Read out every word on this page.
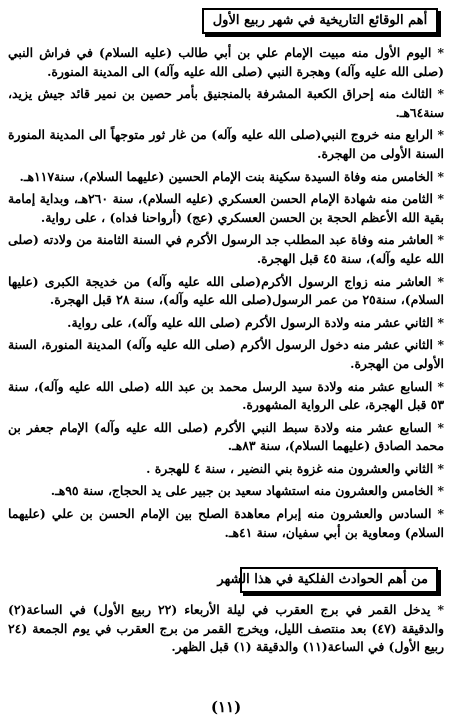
أهم الوقائع التاريخية في شهر ربيع الأول
* اليوم الأول منه مبيت الإمام علي بن أبي طالب (عليه السلام) في فراش النبي (صلى الله عليه وآله) وهجرة النبي (صلى الله عليه وآله) الى المدينة المنورة.
* الثالث منه إحراق الكعبة المشرفة بالمنجنيق بأمر حصين بن نمير قائد جيش يزيد، سنة٦٤هـ.
* الرابع منه خروج النبي(صلى الله عليه وآله) من غار ثور متوجهاً الى المدينة المنورة السنة الأولى من الهجرة.
* الخامس منه وفاة السيدة سكينة بنت الإمام الحسين (عليهما السلام)، سنة١١٧هـ.
* الثامن منه شهادة الإمام الحسن العسكري (عليه السلام)، سنة ٢٦٠هـ، وبداية إمامة بقية الله الأعظم الحجة بن الحسن العسكري (عج) (أرواحنا فداه) ، على رواية.
* العاشر منه وفاة عبد المطلب جد الرسول الأكرم في السنة الثامنة من ولادته (صلى الله عليه وآله)، سنة ٤٥ قبل الهجرة.
* العاشر منه زواج الرسول الأكرم(صلى الله عليه وآله) من خديجة الكبرى (عليها السلام)، سنة٢٥ من عمر الرسول(صلى الله عليه وآله)، سنة ٢٨ قبل الهجرة.
* الثاني عشر منه ولادة الرسول الأكرم (صلى الله عليه وآله)، على رواية.
* الثاني عشر منه دخول الرسول الأكرم (صلى الله عليه وآله) المدينة المنورة، السنة الأولى من الهجرة.
* السابع عشر منه ولادة سيد الرسل محمد بن عبد الله (صلى الله عليه وآله)، سنة ٥٣ قبل الهجرة، على الرواية المشهورة.
* السابع عشر منه ولادة سبط النبي الأكرم (صلى الله عليه وآله) الإمام جعفر بن محمد الصادق (عليهما السلام)، سنة ٨٣هـ.
* الثاني والعشرون منه غزوة بني النضير ، سنة ٤ للهجرة .
* الخامس والعشرون منه استشهاد سعيد بن جبير على يد الحجاج، سنة ٩٥هـ.
* السادس والعشرون منه إبرام معاهدة الصلح بين الإمام الحسن بن علي (عليهما السلام) ومعاوية بن أبي سفيان، سنة ٤١هـ.
من أهم الحوادث الفلكية في هذا الشهر
* يدخل القمر في برج العقرب في ليلة الأربعاء (٢٢ ربيع الأول) في الساعة(٢) والدقيقة (٤٧) بعد منتصف الليل، ويخرج القمر من برج العقرب في يوم الجمعة (٢٤ ربيع الأول) في الساعة(١١) والدقيقة (١) قبل الظهر.
(١١)
